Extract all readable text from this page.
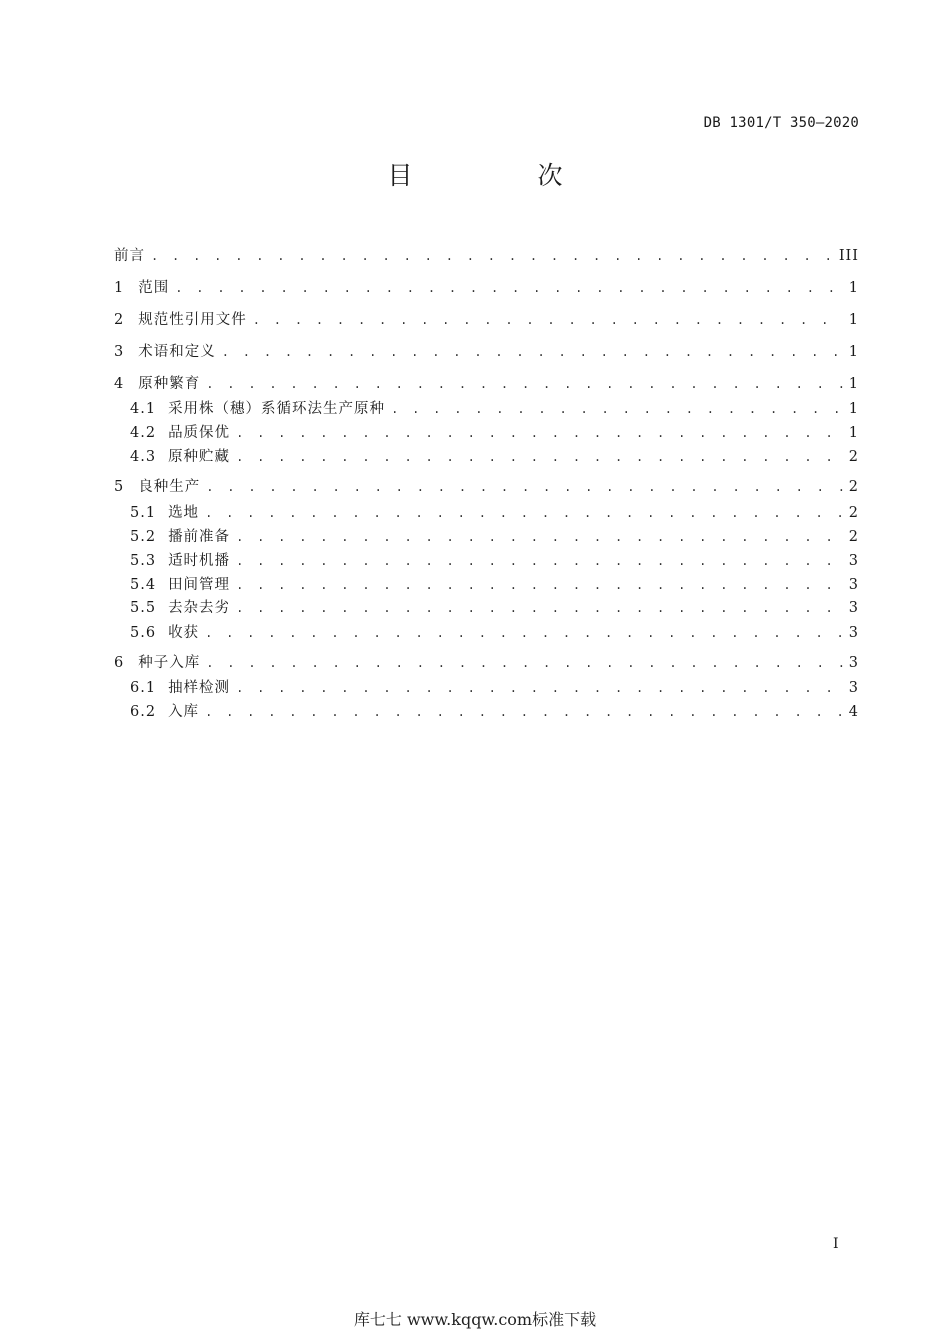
DB 1301/T 350—2020
目　次
前言 . . .	III
1 范围 . . .	1
2 规范性引用文件 . . .	1
3 术语和定义 . . .	1
4 原种繁育 . . .	1
4.1 采用株（穗）系循环法生产原种 . . .	1
4.2 品质保优 . . .	1
4.3 原种贮藏 . . .	2
5 良种生产 . . .	2
5.1 选地 . . .	2
5.2 播前准备 . . .	2
5.3 适时机播 . . .	3
5.4 田间管理 . . .	3
5.5 去杂去劣 . . .	3
5.6 收获 . . .	3
6 种子入库 . . .	3
6.1 抽样检测 . . .	3
6.2 入库 . . .	4
I
库七七 www.kqqw.com标准下载
